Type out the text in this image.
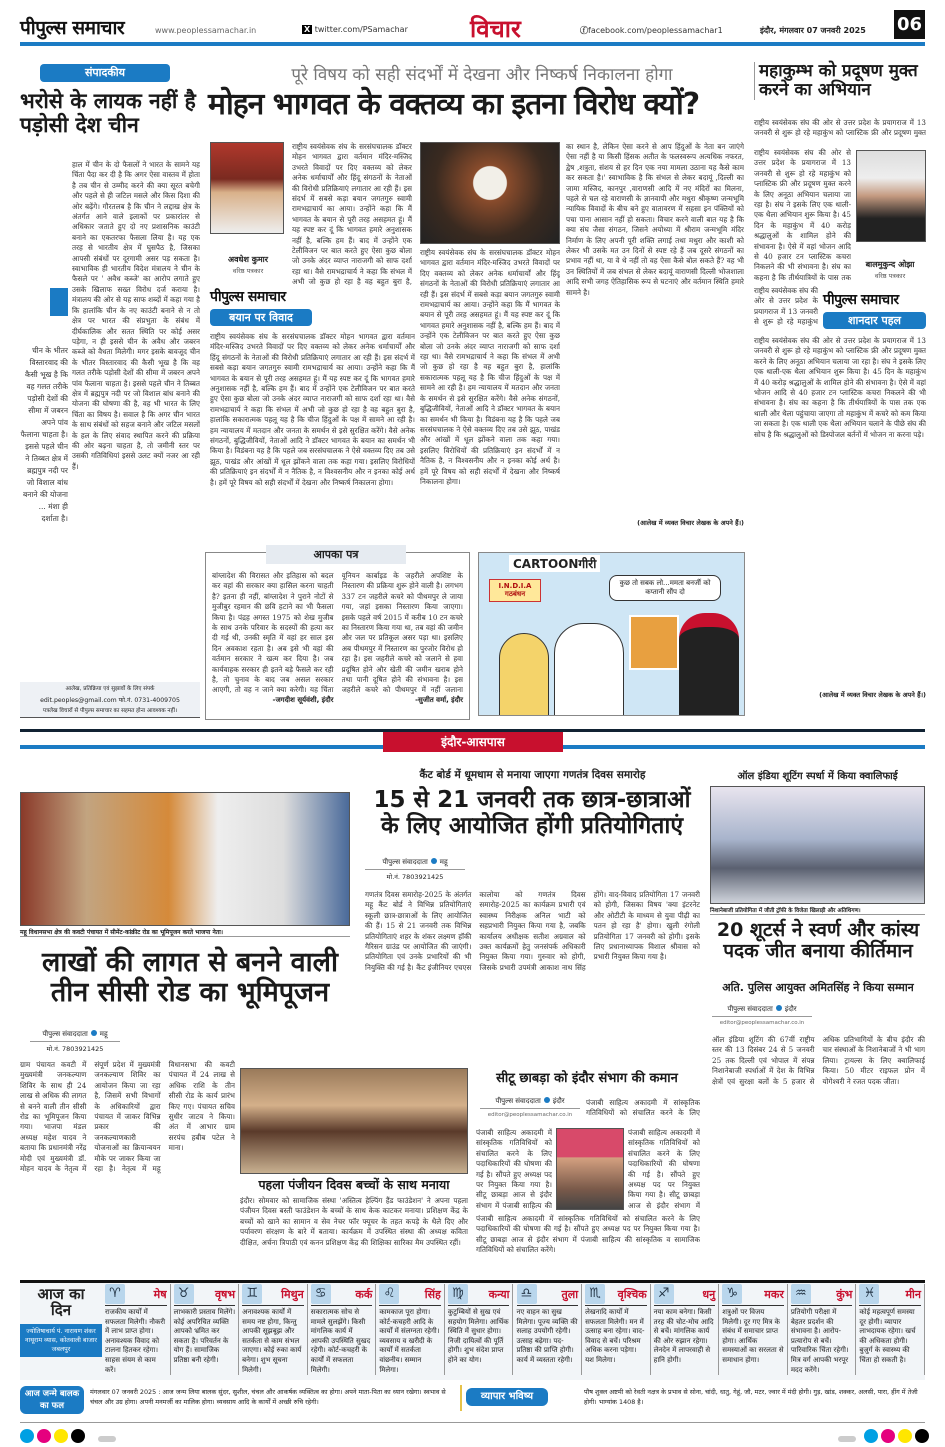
पीपुल्स समाचार	www.peoplessamachar.in	X twitter.com/PSamachar	विचार	ⓕfacebook.com/peoplessamachar1	इंदौर, मंगलवार 07 जनवरी 2025 06
संपादकीय
भरोसे के लायक नहीं है पड़ोसी देश चीन
हाल में चीन के दो फैसलों ने भारत के सामने यह चिंता पैदा कर दी है कि अगर ऐसा वास्तव में होता है तब चीन से उम्मीद करने की क्या सूरत बचेगी और पहले से ही जटिल मसले और किस दिशा की ओर बढ़ेंगे। गौरतलब है कि चीन ने लद्दाख क्षेत्र के अंतर्गत आने वाले इलाकों पर प्रकारांतर से अधिकार जताते हुए दो नए प्रशासनिक काउंटी बनाने का एकतरफा फैसला लिया है। यह एक तरह से भारतीय क्षेत्र में घुसपैठ है, जिसका आपसी संबंधों पर दूरगामी असर पड़ सकता है। स्वाभाविक ही भारतीय विदेश मंत्रालय ने चीन के फैसले पर ' अवैध कब्जे' का आरोप लगाते हुए उसके खिलाफ सख्त विरोध दर्ज कराया है। मंत्रालय की ओर से यह साफ शब्दों में कहा गया है कि हालांकि चीन के नए काउंटी बनाने से न तो क्षेत्र पर भारत की संप्रभुता के संबंध में दीर्घकालिक और सतत स्थिति पर कोई असर पड़ेगा, न ही इससे चीन के अवैध और जबरन कब्जे को वैधता मिलेगी। मगर इसके बावजूद चीन के भीतर विस्तारवाद की कैसी भूख है कि वह गलत तरीके पड़ोसी देशों की सीमा में जबरन अपने पांव फैलाना चाहता है। इससे पहले चीन ने तिब्बत क्षेत्र में ब्रह्मपुत्र नदी पर जो विशाल बांध बनाने की योजना की घोषणा की है, वह भी भारत के लिए चिंता का विषय है। सवाल है कि अगर चीन भारत के साथ संबंधों को सहज बनाने और जटिल मसलों के हल के लिए संवाद स्थापित करने की प्रक्रिया की ओर बढ़ना चाहता है, तो जमीनी स्तर पर उसकी गतिविधियां इससे उलट क्यों नजर आ रही हैं।
चीन के भीतर विस्तारवाद की कैसी भूख है कि वह गलत तरीके पड़ोसी देशों की सीमा में जबरन अपने पांव फैलाना चाहता है। इससे पहले चीन ने तिब्बत क्षेत्र में ब्रह्मपुत्र नदी पर जो विशाल बांध बनाने की योजना ... मंशा ही दर्शाता है।
आलेख, प्रतिक्रिया एवं सुझावों के लिए संपर्क
edit.peoples@gmail.com फो.नं. 0731-4009705
पत्रलेख विचारों से पीपुल्स समाचार का सहमत होना आवश्यक नहीं।
पूरे विषय को सही संदर्भों में देखना और निष्कर्ष निकालना होगा
मोहन भागवत के वक्तव्य का इतना विरोध क्यों?
अवधेश कुमार
वरिष्ठ पत्रकार
पीपुल्स समाचार
बयान पर विवाद
राष्ट्रीय स्वयंसेवक संघ के सरसंघचालक डॉक्टर मोहन भागवत द्वारा वर्तमान मंदिर-मस्जिद उभरते विवादों पर दिए वक्तव्य को लेकर अनेक धर्माचार्यों और हिंदू संगठनों के नेताओं की विरोधी प्रतिक्रियाएं लगातार आ रही हैं। इस संदर्भ में सबसे कड़ा बयान जगतगुरु स्वामी रामभद्राचार्य का आया। उन्होंने कहा कि मैं भागवत के बयान से पूरी तरह असहमत हूं। मैं यह स्पष्ट कर दूं कि भागवत हमारे अनुशासक नहीं है, बल्कि हम हैं। बाद में उन्होंने एक टेलीविजन पर बात करते हुए ऐसा कुछ बोला जो उनके अंदर व्याप्त नाराजगी को साफ दर्शा रहा था। वैसे रामभद्राचार्य ने कहा कि संभल में अभी जो कुछ हो रहा है वह बहुत बुरा है,
राष्ट्रीय स्वयंसेवक संघ के सरसंघचालक डॉक्टर मोहन भागवत द्वारा वर्तमान मंदिर-मस्जिद उभरते विवादों पर दिए वक्तव्य को लेकर अनेक धर्माचार्यों और हिंदू संगठनों के नेताओं की विरोधी प्रतिक्रियाएं लगातार आ रही हैं। इस संदर्भ में सबसे कड़ा बयान जगतगुरु स्वामी रामभद्राचार्य का आया। उन्होंने कहा कि मैं भागवत के बयान से पूरी तरह असहमत हूं। मैं यह स्पष्ट कर दूं कि भागवत हमारे अनुशासक नहीं है, बल्कि हम हैं। बाद में उन्होंने एक टेलीविजन पर बात करते हुए ऐसा कुछ बोला जो उनके अंदर व्याप्त नाराजगी को साफ दर्शा रहा था। वैसे रामभद्राचार्य ने कहा कि संभल में अभी जो कुछ हो रहा है वह बहुत बुरा है, हालांकि सकारात्मक पहलू यह है कि चीज हिंदुओं के पक्ष में सामने आ रही है। हम न्यायालय में मतदान और जनता के समर्थन से इसे सुरक्षित करेंगे। वैसे अनेक संगठनों, बुद्धिजीवियों, नेताओं आदि ने डॉक्टर भागवत के बयान का समर्थन भी किया है। विडंबना यह है कि पहले जब सरसंघचालक ने ऐसे वक्तव्य दिए तब उसे झूठ, पाखंड और आंखों में धूल झोंकने वाला तक कहा गया। इसलिए विरोधियों की प्रतिक्रियाएं इन संदर्भों में न नैतिक है, न विश्वसनीय और न इनका कोई अर्थ है। हमें पूरे विषय को सही संदर्भों में देखना और निष्कर्ष निकालना होगा।
राष्ट्रीय स्वयंसेवक संघ के सरसंघचालक डॉक्टर मोहन भागवत द्वारा वर्तमान मंदिर-मस्जिद उभरते विवादों पर दिए वक्तव्य को लेकर अनेक धर्माचार्यों और हिंदू संगठनों के नेताओं की विरोधी प्रतिक्रियाएं लगातार आ रही हैं। इस संदर्भ में सबसे कड़ा बयान जगतगुरु स्वामी रामभद्राचार्य का आया। उन्होंने कहा कि मैं भागवत के बयान से पूरी तरह असहमत हूं। मैं यह स्पष्ट कर दूं कि भागवत हमारे अनुशासक नहीं है, बल्कि हम हैं। बाद में उन्होंने एक टेलीविजन पर बात करते हुए ऐसा कुछ बोला जो उनके अंदर व्याप्त नाराजगी को साफ दर्शा रहा था। वैसे रामभद्राचार्य ने कहा कि संभल में अभी जो कुछ हो रहा है वह बहुत बुरा है, हालांकि सकारात्मक पहलू यह है कि चीज हिंदुओं के पक्ष में सामने आ रही है। हम न्यायालय में मतदान और जनता के समर्थन से इसे सुरक्षित करेंगे। वैसे अनेक संगठनों, बुद्धिजीवियों, नेताओं आदि ने डॉक्टर भागवत के बयान का समर्थन भी किया है। विडंबना यह है कि पहले जब सरसंघचालक ने ऐसे वक्तव्य दिए तब उसे झूठ, पाखंड और आंखों में धूल झोंकने वाला तक कहा गया। इसलिए विरोधियों की प्रतिक्रियाएं इन संदर्भों में न नैतिक है, न विश्वसनीय और न इनका कोई अर्थ है। हमें पूरे विषय को सही संदर्भों में देखना और निष्कर्ष निकालना होगा।
का स्थान है, लेकिन ऐसा करने से आप हिंदुओं के नेता बन जाएंगे ऐसा नहीं है या किसी हिंसक अतीत के फलस्वरूप अत्यधिक नफरत, द्वेष ,शत्रुता, संशय से हर दिन एक नया मामला उठाना यह कैसे काम कर सकता है।' स्वाभाविक है कि संभल से लेकर बदायूं ,दिल्ली का जामा मस्जिद, कानपुर ,वाराणसी आदि में नए मंदिरों का मिलना, पहले से चल रहे वाराणसी के ज्ञानवापी और मथुरा श्रीकृष्ण जन्मभूमि न्यायिक विवादों के बीच बने हुए वातावरण में सहसा इन पंक्तियों को पचा पाना आसान नहीं हो सकता। विचार करने वाली बात यह है कि क्या संघ जैसा संगठन, जिसने अयोध्या में श्रीराम जन्मभूमि मंदिर निर्माण के लिए अपनी पूरी शक्ति लगाई तथा मथुरा और काशी को लेकर भी उसके मत उन दिनों से स्पष्ट रहे हैं जब दूसरे संगठनों का प्रभाव नहीं था, या वे थे नहीं तो वह ऐसा कैसे बोल सकते हैं? वह भी उन स्थितियों में जब संभल से लेकर बदायूं वाराणसी दिल्ली भोजशाला आदि सभी जगह ऐतिहासिक रूप से घटनाएं और वर्तमान स्थिति हमारे सामने है।
(आलेख में व्यक्त विचार लेखक के अपने हैं।)
महाकुम्भ को प्रदूषण मुक्त करने का अभियान
राष्ट्रीय स्वयंसेवक संघ की ओर से उत्तर प्रदेश के प्रयागराज में 13 जनवरी से शुरू हो रहे महाकुंभ को प्लास्टिक फ्री और प्रदूषण मुक्त
राष्ट्रीय स्वयंसेवक संघ की ओर से उत्तर प्रदेश के प्रयागराज में 13 जनवरी से शुरू हो रहे महाकुंभ को प्लास्टिक फ्री और प्रदूषण मुक्त करने के लिए अनूठा अभियान चलाया जा रहा है। संघ ने इसके लिए एक थाली-एक थैला अभियान शुरू किया है। 45 दिन के महाकुंभ में 40 करोड़ श्रद्धालुओं के शामिल होने की संभावना है। ऐसे में वहां भोजन आदि से 40 हजार टन प्लास्टिक कचरा निकलने की भी संभावना है। संघ का कहना है कि तीर्थयात्रियों के पास तक
राष्ट्रीय स्वयंसेवक संघ की ओर से उत्तर प्रदेश के प्रयागराज में 13 जनवरी से शुरू हो रहे महाकुंभ
बालमुकुन्द ओझा
वरिष्ठ पत्रकार
पीपुल्स समाचार
शानदार पहल
राष्ट्रीय स्वयंसेवक संघ की ओर से उत्तर प्रदेश के प्रयागराज में 13 जनवरी से शुरू हो रहे महाकुंभ को प्लास्टिक फ्री और प्रदूषण मुक्त करने के लिए अनूठा अभियान चलाया जा रहा है। संघ ने इसके लिए एक थाली-एक थैला अभियान शुरू किया है। 45 दिन के महाकुंभ में 40 करोड़ श्रद्धालुओं के शामिल होने की संभावना है। ऐसे में वहां भोजन आदि से 40 हजार टन प्लास्टिक कचरा निकलने की भी संभावना है। संघ का कहना है कि तीर्थयात्रियों के पास तक एक थाली और थैला पहुंचाया जाएगा तो महाकुंभ में कचरे को कम किया जा सकता है। एक थाली एक थैला अभियान चलाने के पीछे संघ की सोच है कि श्रद्धालुओं को डिस्पोजल बर्तनों में भोजन ना करना पड़े।
(आलेख में व्यक्त विचार लेखक के अपने हैं।)
आपका पत्र
बांग्लादेश की विरासत और इतिहास को बदल कर वहां की सरकार क्या हासिल करना चाहती है? इतना ही नहीं, बांग्लादेश ने पुराने नोटों से मुजीबुर रहमान की छवि हटाने का भी फैसला किया है। पंद्रह अगस्त 1975 को शेख मुजीब के साथ उनके परिवार के सदस्यों की हत्या कर दी गई थी, उनकी स्मृति में वहां हर साल इस दिन अवकाश रहता है। अब इसे भी वहां की वर्तमान सरकार ने खत्म कर दिया है। जब कार्यवाहक सरकार ही इतने बड़े फैसले कर रही है, तो चुनाव के बाद जब असल सरकार आएगी, तो वह न जाने क्या करेगी। यह चिंता
-जगदीश सूर्यवंशी, इंदौर
यूनियन कार्बाइड के जहरीले अपशिष्ट के निस्तारण की प्रक्रिया शुरू होने वाली है। लगभग 337 टन जहरीले कचरे को पीथमपुर ले जाया गया, जहां इसका निस्तारण किया जाएगा। इसके पहले वर्ष 2015 में करीब 10 टन कचरे का निस्तारण किया गया था, तब वहां की जमीन और जल पर प्रतिकूल असर पड़ा था। इसलिए अब पीथमपुर में निस्तारण का पुरजोर विरोध हो रहा है। इस जहरीले कचरे को जलाने से हवा प्रदूषित होने और खेती की जमीन खराब होने तथा पानी दूषित होने की संभावना है। इस जहरीले कचरे को पीथमपुर में नहीं जलाना
-सुजीत वर्मा, इंदौर
CARTOONगीरी
I.N.D.I.A गठबंधन
कुछ तो सबक लो...ममता बनर्जी को कप्तानी सौंप दो
इंदौर-आसपास
महू विधानसभा क्षेत्र की कवटी पंचायत में सीमेंट-कांक्रीट रोड का भूमिपूजन करते भाजपा नेता।
लाखों की लागत से बनने वाली तीन सीसी रोड का भूमिपूजन
पीपुल्स संवाददाता महू
मो.नं. 7803921425
ग्राम पंचायत कवटी में मुख्यमंत्री जनकल्याण शिविर के साथ ही 24 लाख से अधिक की लागत से बनने वाली तीन सीसी रोड का भूमिपूजन किया गया। भाजपा मंडल अध्यक्ष महेश यादव ने बताया कि प्रधानमंत्री नरेंद्र मोदी एवं मुख्यमंत्री डॉ. मोहन यादव के नेतृत्व में संपूर्ण प्रदेश में मुख्यमंत्री जनकल्याण शिविर का आयोजन किया जा रहा है, जिसमें सभी विभागों के अधिकारियों द्वारा पंचायत में जाकर विभिन्न प्रकार की जनकल्याणकारी योजनाओं का क्रियान्वयन मौके पर जाकर किया जा रहा है। नेतृत्व में महू विधानसभा की कवटी पंचायत में 24 लाख से अधिक राशि के तीन सीसी रोड के कार्य प्रारंभ किए गए। पंचायत सचिव सुधीर जाटव ने किया। अंत में आभार ग्राम सरपंच हबीब पटेल ने माना।
कैंट बोर्ड में धूमधाम से मनाया जाएगा गणतंत्र दिवस समारोह
15 से 21 जनवरी तक छात्र-छात्राओं के लिए आयोजित होंगी प्रतियोगिताएं
पीपुल्स संवाददाता महू
मो.नं. 7803921425
गणतंत्र दिवस समारोह-2025 के अंतर्गत महू कैंट बोर्ड ने विभिन्न प्रतियोगिताएं स्कूली छात्र-छात्राओं के लिए आयोजित की हैं। 15 से 21 जनवरी तक विभिन्न प्रतियोगिताएं शहर के शंकर लक्ष्मण हॉकी गैरिसन ग्राउंड पर आयोजित की जाएंगी। प्रतियोगिता एवं उनके प्रभारियों की भी नियुक्ति की गई है। कैंट इंजीनियर एचएस कालोया को गणतंत्र दिवस समारोह-2025 का कार्यक्रम प्रभारी एवं स्वास्थ्य निरीक्षक अनिल भाटी को सहप्रभारी नियुक्त किया गया है, जबकि कार्यालय अधीक्षक सतीश अग्रवाल को उक्त कार्यक्रमों हेतु जनसंपर्क अधिकारी नियुक्त किया गया। गुरुवार को होगी, जिसके प्रभारी उपमंत्री आकाश नाथ सिंह होंगे। वाद-विवाद प्रतियोगिता 17 जनवरी को होगी, जिसका विषय 'क्या इंटरनेट और ओटीटी के माध्यम से युवा पीढ़ी का पतन हो रहा है' होगा। खुली रंगोली प्रतियोगिता 17 जनवरी को होगी। इसके लिए प्रधानाध्यापक विशाल श्रीवास को प्रभारी नियुक्त किया गया है।
ऑल इंडिया शूटिंग स्पर्धा में किया क्वालिफाई
निशानेबाजी प्रतियोगिता में जीती ट्रॉफी के विजेता खिलाड़ी और अतिथिगण।
20 शूटर्स ने स्वर्ण और कांस्य पदक जीत बनाया कीर्तिमान
अति. पुलिस आयुक्त अमितसिंह ने किया सम्मान
पीपुल्स संवाददाता इंदौर
editor@peoplessamachar.co.in
ऑल इंडिया शूटिंग की 67वीं राष्ट्रीय स्तर की 13 दिसंबर 24 से 5 जनवरी 25 तक दिल्ली एवं भोपाल में संपन्न निशानेबाजी स्पर्धाओं में देश के विभिन्न क्षेत्रों एवं सुरक्षा बलों के 5 हजार से अधिक प्रतिभागियों के बीच इंदौर की चार संस्थाओं के निशानेबाजों ने भी भाग लिया। ट्रायल्स के लिए क्वालिफाई किया। 50 मीटर राइफल प्रोन में योगेश्वरी ने रजत पदक जीता।
पहला पंजीयन दिवस बच्चों के साथ मनाया
इंदौर। सोमवार को सामाजिक संस्था 'अस्तित्व हेल्पिंग हैंड फाउंडेशन' ने अपना पहला पंजीयन दिवस बस्ती फाउंडेशन के बच्चों के साथ केक काटकर मनाया। प्रशिक्षण केंद्र के बच्चों को खाने का सामान व सेव नेचर फॉर फ्यूचर के तहत कपड़े के थैले दिए और पर्यावरण संरक्षण के बारे में बताया। कार्यक्रम में उपस्थित संस्था की अध्यक्ष कविता दीक्षित, अर्चना त्रिपाठी एवं कनन प्रशिक्षण केंद्र की शिक्षिका सारिका मैम उपस्थित रहीं।
सीटू छाबड़ा को इंदौर संभाग की कमान
पीपुल्स संवाददाता इंदौर
editor@peoplessamachar.co.in
पंजाबी साहित्य अकादमी में सांस्कृतिक गतिविधियों को संचालित करने के लिए
पंजाबी साहित्य अकादमी में सांस्कृतिक गतिविधियों को संचालित करने के लिए पदाधिकारियों की घोषणा की गई है। सौंपते हुए अध्यक्ष पद पर नियुक्त किया गया है। सीटू छाबड़ा आज से इंदौर संभाग में पंजाबी साहित्य की
पंजाबी साहित्य अकादमी में सांस्कृतिक गतिविधियों को संचालित करने के लिए पदाधिकारियों की घोषणा की गई है। सौंपते हुए अध्यक्ष पद पर नियुक्त किया गया है। सीटू छाबड़ा आज से इंदौर संभाग में
पंजाबी साहित्य अकादमी में सांस्कृतिक गतिविधियों को संचालित करने के लिए पदाधिकारियों की घोषणा की गई है। सौंपते हुए अध्यक्ष पद पर नियुक्त किया गया है। सीटू छाबड़ा आज से इंदौर संभाग में पंजाबी साहित्य की सांस्कृतिक व सामाजिक गतिविधियों को संचालित करेंगे।
आज का दिन
ज्योतिषाचार्य पं. नारायण शंकर नाथूराम व्यास, कोतवाली बाजार जबलपुर
♈	मेष
राजकीय कार्यों में सफलता मिलेगी। नौकरी में लाभ प्राप्त होगा। अनावश्यक विवाद को टालना हितकर रहेगा। साहस संयम से काम करें।
♉	वृषभ
लाभकारी प्रस्ताव मिलेंगे। कोई अपरिचित व्यक्ति आपको भ्रमित कर सकता है। परिवर्तन के योग हैं। सामाजिक प्रतिष्ठा बनी रहेगी।
♊	मिथुन
अनावश्यक कार्यों में समय नष्ट होगा, किन्तु आपकी सूझबूझ और सतर्कता से काम संभल जाएगा। कोई रुका कार्य बनेगा। शुभ सूचना मिलेगी।
♋	कर्क
सकारात्मक सोच से मामले सुलझेंगे। किसी मांगलिक कार्य में आपकी उपस्थिति सुखद रहेगी। कोर्ट-कचहरी के कार्यों में सफलता मिलेगी।
♌	सिंह
कामकाज पूरा होगा। कोर्ट-कचहरी आदि के कार्यों में संलग्नता रहेगी। व्यवसाय व खरीदी के कार्यों में सतर्कता वांछनीय। सम्मान मिलेगा।
♍	कन्या
कुटुम्बियों से सुख एवं सहयोग मिलेगा। आर्थिक स्थिति में सुधार होगा। निजी दायित्वों की पूर्ति होगी। शुभ संदेश प्राप्त होने का योग।
♎	तुला
नए वाहन का सुख मिलेगा। पूज्य व्यक्ति की सलाह उपयोगी रहेगी। उत्साह बढ़ेगा। पद-प्रतिष्ठा की प्राप्ति होगी। कार्य में व्यस्तता रहेगी।
♏	वृश्चिक
लेखनादि कार्यों में सफलता मिलेगी। मन में उत्साह बना रहेगा। वाद-विवाद से बचें। परिश्रम अधिक करना पड़ेगा। यश मिलेगा।
♐	धनु
नया काम बनेगा। किसी तरह की चोट-मोच आदि से बचें। मांगलिक कार्य की ओर रुझान रहेगा। लेनदेन में लापरवाही से हानि होगी।
♑	मकर
शत्रुओं पर विजय मिलेगी। दूर गए मित्र के संबंध में समाचार प्राप्त होगा। आर्थिक समस्याओं का सरलता से समाधान होगा।
♒	कुंभ
प्रतियोगी परीक्षा में बेहतर प्रदर्शन की संभावना है। आरोप-प्रत्यारोप से बचें। पारिवारिक चिंता रहेगी। मित्र वर्ग आपकी भरपूर मदद करेंगे।
♓	मीन
कोई महत्वपूर्ण समस्या दूर होगी। व्यापार लाभदायक रहेगा। खर्च की अधिकता होगी। बुजुर्ग के स्वास्थ्य की चिंता हो सकती है।
आज जन्मे बालक का फल
मंगलवार 07 जनवरी 2025 : आज जन्म लिया बालक सुंदर, सुशील, चंचल और आकर्षक व्यक्तित्व का होगा। अपने माता-पिता का ध्यान रखेगा। स्वभाव से चंचल और उग्र होगा। अपनी मनमर्जी का मालिक होगा। व्यवसाय आदि के कार्यों में अच्छी रुचि रहेगी।	व्यापार भविष्य	पौष शुक्ल अष्टमी को रेवती नक्षत्र के प्रभाव से सोना, चांदी, धातु, गेहूं, जौ, मटर, ज्वार में मंदी होगी। गुड़, खांड, शक्कर, अलसी, पारा, हींग में तेजी होगी। भाग्यांक 1408 है।
